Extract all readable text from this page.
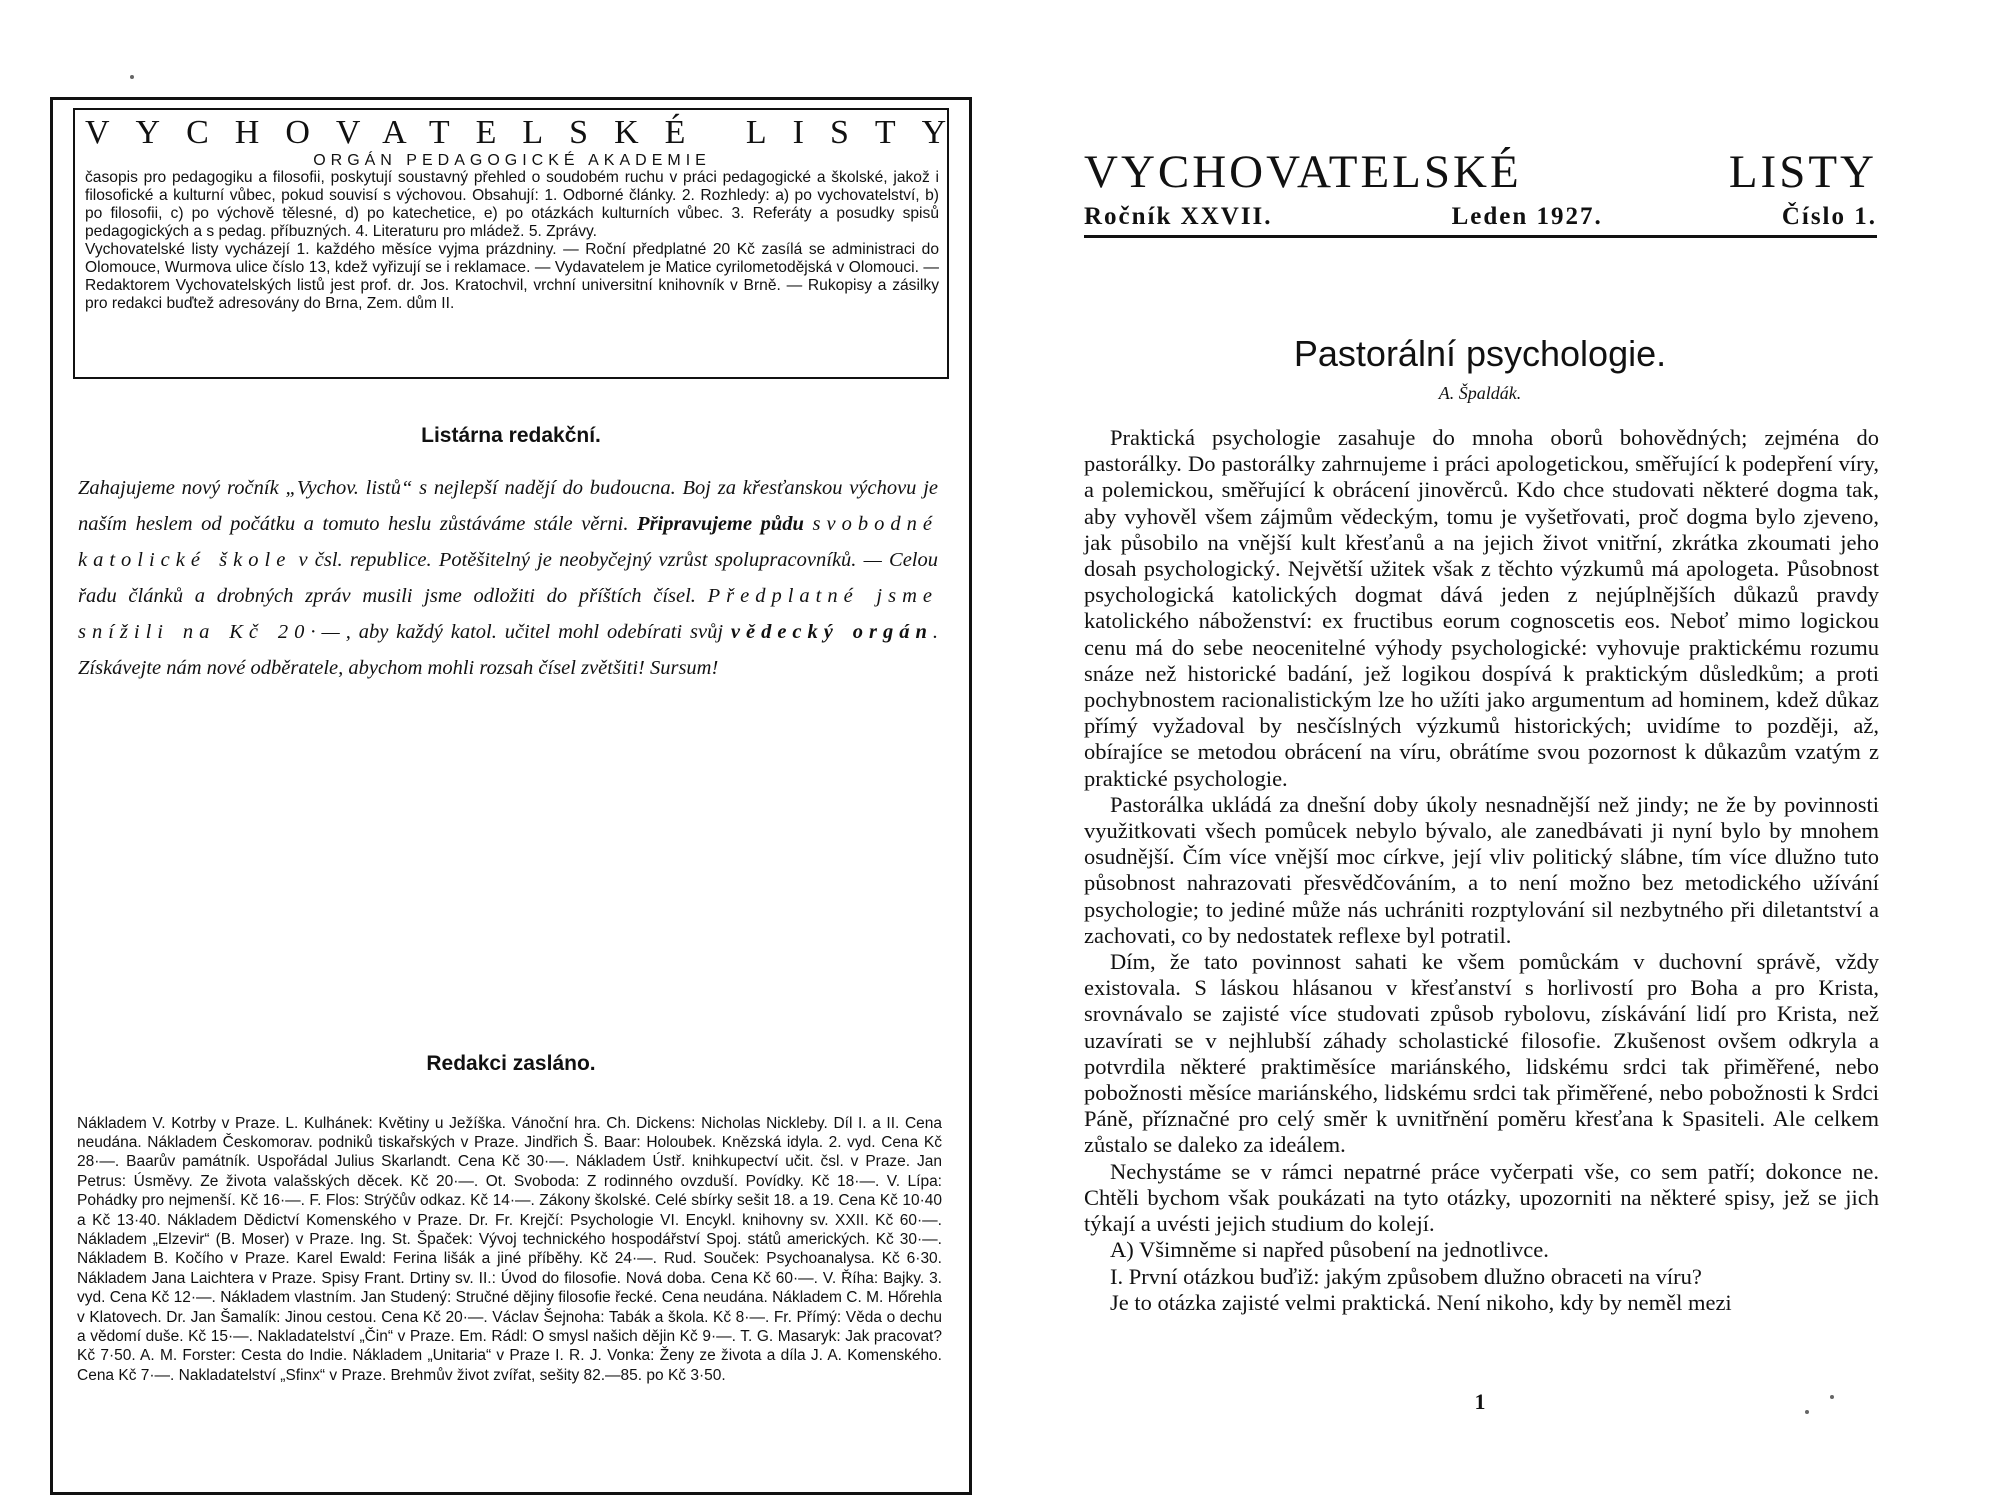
VYCHOVATELSKÉ LISTY
ORGÁN PEDAGOGICKÉ AKADEMIE

časopis pro pedagogiku a filosofii, poskytují soustavný přehled o soudobém ruchu v práci pedagogické a školské, jakož i filosofické a kulturní vůbec, pokud souvisí s výchovou. Obsahují: 1. Odborné články. 2. Rozhledy: a) po vychovatelství, b) po filosofii, c) po výchově tělesné, d) po katechetice, e) po otázkách kulturních vůbec. 3. Referáty a posudky spisů pedagogických a s pedag. příbuzných. 4. Literaturu pro mládež. 5. Zprávy.

Vychovatelské listy vycházejí 1. každého měsíce vyjma prázdniny. — Roční předplatné 20 Kč zasílá se administraci do Olomouce, Wurmova ulice číslo 13, kdež vyřizují se i reklamace. — Vydavatelem je Matice cyrilometodějská v Olomouci. — Redaktorem Vychovatelských listů jest prof. dr. Jos. Kratochvil, vrchní universitní knihovník v Brně. — Rukopisy a zásilky pro redakci buďtež adresovány do Brna, Zem. dům II.

Listárna redakční.
Zahajujeme nový ročník „Vychov. listů“ s nejlepší nadějí do budoucna. Boj za křesťanskou výchovu je naším heslem od počátku a tomuto heslu zůstáváme stále věrni. Připravujeme půdu svobodné katolické škole v čsl. republice. Potěšitelný je neobyčejný vzrůst spolupracovníků. — Celou řadu článků a drobných zpráv musili jsme odložiti do příštích čísel. Předplatné jsme snížili na Kč 20·—, aby každý katol. učitel mohl odebírati svůj vědecký orgán. Získávejte nám nové odběratele, abychom mohli rozsah čísel zvětšiti! Sursum!
Redakci zasláno.

Nákladem V. Kotrby v Praze. L. Kulhánek: Květiny u Ježíška. Vánoční hra. Ch. Dickens: Nicholas Nickleby. Díl I. a II. Cena neudána. Nákladem Českomorav. podniků tiskařských v Praze. Jindřich Š. Baar: Holoubek. Knězská idyla. 2. vyd. Cena Kč 28·—. Baarův památník. Uspořádal Julius Skarlandt. Cena Kč 30·—. Nákladem Ústř. knihkupectví učit. čsl. v Praze. Jan Petrus: Úsměvy. Ze života valašských děcek. Kč 20·—. Ot. Svoboda: Z rodinného ovzduší. Povídky. Kč 18·—. V. Lípa: Pohádky pro nejmenší. Kč 16·—. F. Flos: Strýčův odkaz. Kč 14·—. Zákony školské. Celé sbírky sešit 18. a 19. Cena Kč 10·40 a Kč 13·40. Nákladem Dědictví Komenského v Praze. Dr. Fr. Krejčí: Psychologie VI. Encykl. knihovny sv. XXII. Kč 60·—. Nákladem „Elzevir“ (B. Moser) v Praze. Ing. St. Špaček: Vývoj technického hospodářství Spoj. států amerických. Kč 30·—. Nákladem B. Kočího v Praze. Karel Ewald: Ferina lišák a jiné příběhy. Kč 24·—. Rud. Souček: Psychoanalysa. Kč 6·30. Nákladem Jana Laichtera v Praze. Spisy Frant. Drtiny sv. II.: Úvod do filosofie. Nová doba. Cena Kč 60·—. V. Říha: Bajky. 3. vyd. Cena Kč 12·—. Nákladem vlastním. Jan Studený: Stručné dějiny filosofie řecké. Cena neudána. Nákladem C. M. Hőrehla v Klatovech. Dr. Jan Šamalík: Jinou cestou. Cena Kč 20·—. Václav Šejnoha: Tabák a škola. Kč 8·—. Fr. Přímý: Věda o dechu a vědomí duše. Kč 15·—. Nakladatelství „Čin“ v Praze. Em. Rádl: O smysl našich dějin Kč 9·—. T. G. Masaryk: Jak pracovat? Kč 7·50. A. M. Forster: Cesta do Indie. Nákladem „Unitaria“ v Praze I. R. J. Vonka: Ženy ze života a díla J. A. Komenského. Cena Kč 7·—. Nakladatelství „Sfinx“ v Praze. Brehmův život zvířat, sešity 82.—85. po Kč 3·50.

VYCHOVATELSKÉ LISTY
Ročník XXVII.	Leden 1927.	Číslo 1.
Pastorální psychologie.
A. Špaldák.

Praktická psychologie zasahuje do mnoha oborů bohovědných; zejména do pastorálky. Do pastorálky zahrnujeme i práci apologetickou, směřující k podepření víry, a polemickou, směřující k obrácení jinověrců. Kdo chce studovati některé dogma tak, aby vyhověl všem zájmům vědeckým, tomu je vyšetřovati, proč dogma bylo zjeveno, jak působilo na vnější kult křesťanů a na jejich život vnitřní, zkrátka zkoumati jeho dosah psychologický. Největší užitek však z těchto výzkumů má apologeta. Působnost psychologická katolických dogmat dává jeden z nejúplnějších důkazů pravdy katolického náboženství: ex fructibus eorum cognoscetis eos. Neboť mimo logickou cenu má do sebe neocenitelné výhody psychologické: vyhovuje praktickému rozumu snáze než historické badání, jež logikou dospívá k praktickým důsledkům; a proti pochybnostem racionalistickým lze ho užíti jako argumentum ad hominem, kdež důkaz přímý vyžadoval by nesčíslných výzkumů historických; uvidíme to později, až, obírajíce se metodou obrácení na víru, obrátíme svou pozornost k důkazům vzatým z praktické psychologie.

Pastorálka ukládá za dnešní doby úkoly nesnadnější než jindy; ne že by povinnosti využitkovati všech pomůcek nebylo bývalo, ale zanedbávati ji nyní bylo by mnohem osudnější. Čím více vnější moc církve, její vliv politický slábne, tím více dlužno tuto působnost nahrazovati přesvědčováním, a to není možno bez metodického užívání psychologie; to jediné může nás uchrániti rozptylování sil nezbytného při diletantství a zachovati, co by nedostatek reflexe byl potratil.

Dím, že tato povinnost sahati ke všem pomůckám v duchovní správě, vždy existovala. S láskou hlásanou v křesťanství s horlivostí pro Boha a pro Krista, srovnávalo se zajisté více studovati způsob rybolovu, získávání lidí pro Krista, než uzavírati se v nejhlubší záhady scholastické filosofie. Zkušenost ovšem odkryla a potvrdila některé praktiměsíce mariánského, lidskému srdci tak přiměřené, nebo pobožnosti měsíce mariánského, lidskému srdci tak přiměřené, nebo pobožnosti k Srdci Páně, příznačné pro celý směr k uvnitřnění poměru křesťana k Spasiteli. Ale celkem zůstalo se daleko za ideálem.

Nechystáme se v rámci nepatrné práce vyčerpati vše, co sem patří; dokonce ne. Chtěli bychom však poukázati na tyto otázky, upozorniti na některé spisy, jež se jich týkají a uvésti jejich studium do kolejí.

A) Všimněme si napřed působení na jednotlivce.

I. První otázkou buďiž: jakým způsobem dlužno obraceti na víru?

Je to otázka zajisté velmi praktická. Není nikoho, kdy by neměl mezi

1
